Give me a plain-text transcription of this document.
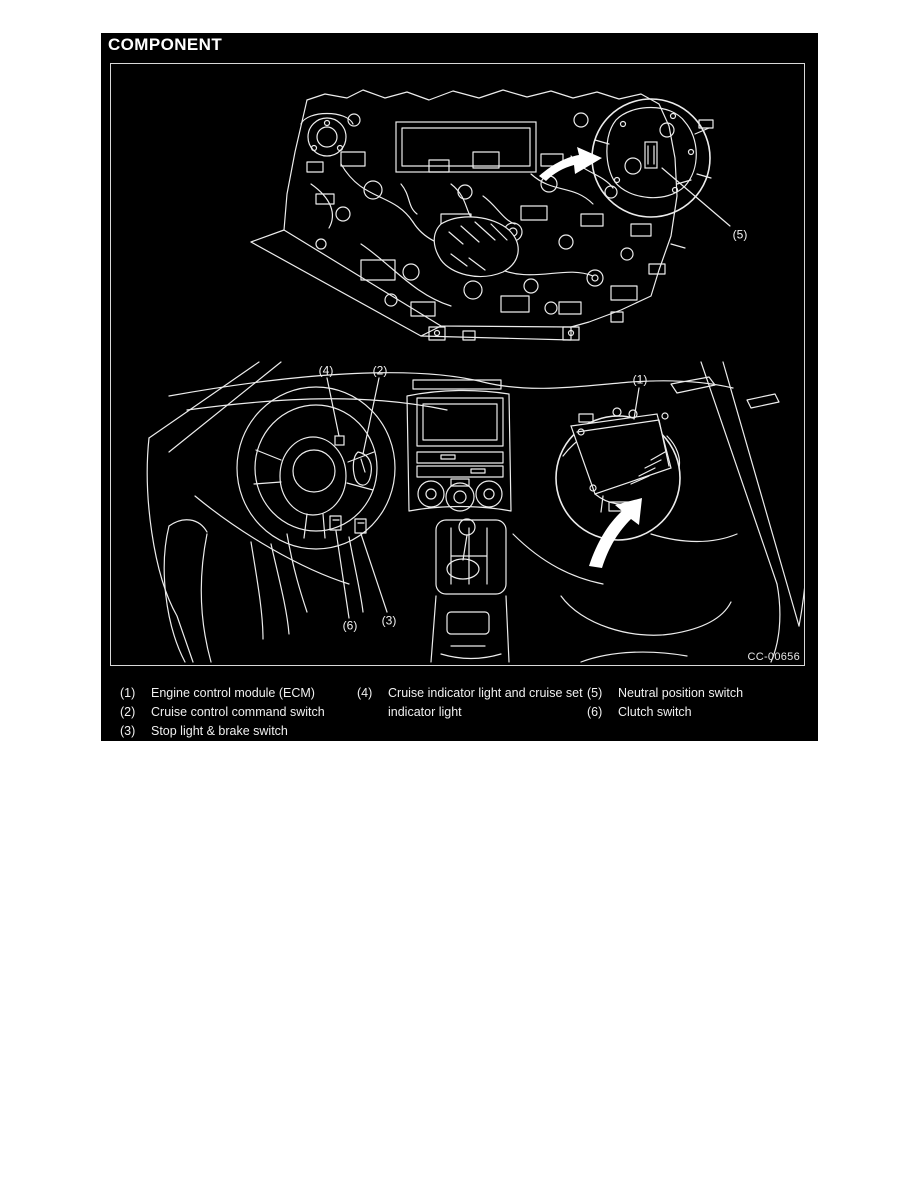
COMPONENT
(4)	(2)
(1)
(5)
(6) (3)
CC-00656
(1)	Engine control module (ECM)
(2)	Cruise control command switch
(3)	Stop light & brake switch
(4)	Cruise indicator light and cruise set indicator light
(5)	Neutral position switch
(6)	Clutch switch
